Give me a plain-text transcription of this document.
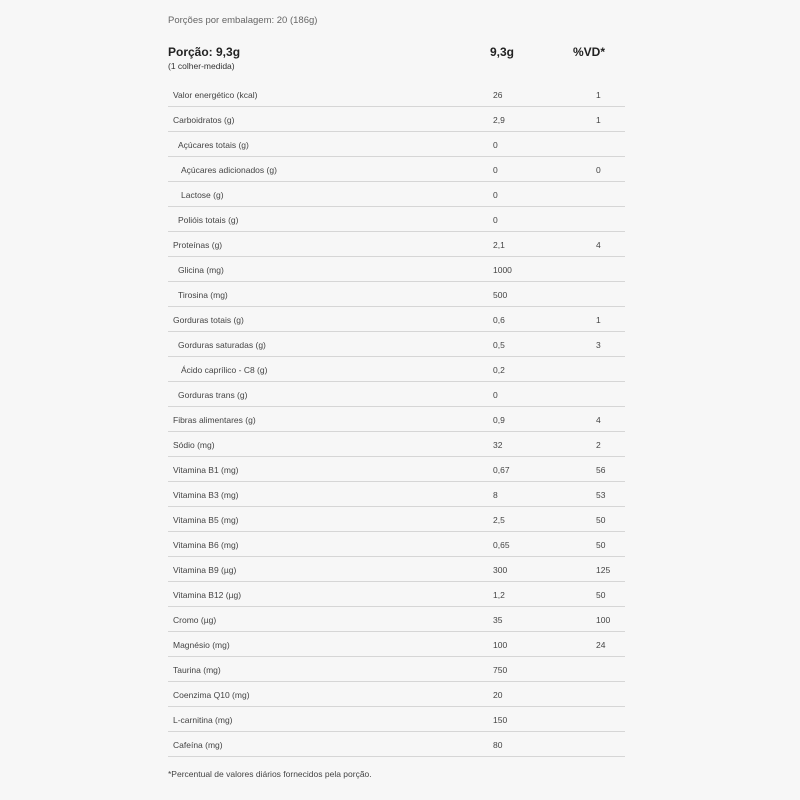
Porções por embalagem: 20 (186g)
Porção: 9,3g
(1 colher-medida)
9,3g	%VD*
Valor energético (kcal)	26	1
Carboidratos (g)	2,9	1
Açúcares totais (g)	0
Açúcares adicionados (g)	0	0
Lactose (g)	0
Polióis totais (g)	0
Proteínas (g)	2,1	4
Glicina (mg)	1000
Tirosina (mg)	500
Gorduras totais (g)	0,6	1
Gorduras saturadas (g)	0,5	3
Ácido caprílico - C8 (g)	0,2
Gorduras trans (g)	0
Fibras alimentares (g)	0,9	4
Sódio (mg)	32	2
Vitamina B1 (mg)	0,67	56
Vitamina B3 (mg)	8	53
Vitamina B5 (mg)	2,5	50
Vitamina B6 (mg)	0,65	50
Vitamina B9 (µg)	300	125
Vitamina B12 (µg)	1,2	50
Cromo (µg)	35	100
Magnésio (mg)	100	24
Taurina (mg)	750
Coenzima Q10 (mg)	20
L-carnitina (mg)	150
Cafeína (mg)	80
*Percentual de valores diários fornecidos pela porção.
